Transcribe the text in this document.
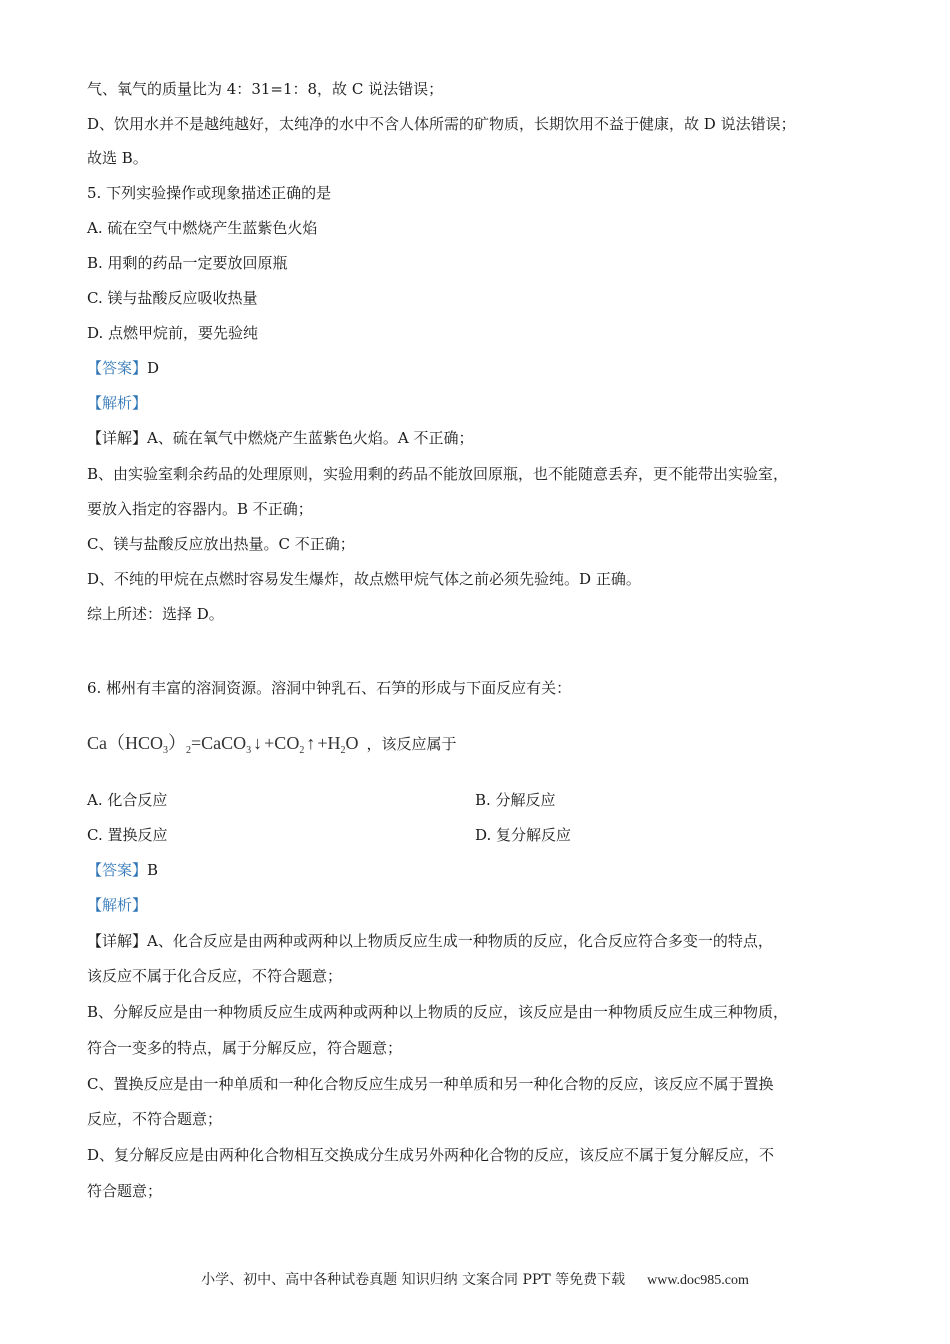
气、氧气的质量比为 4：31=1：8，故 C 说法错误；
D、饮用水并不是越纯越好，太纯净的水中不含人体所需的矿物质，长期饮用不益于健康，故 D 说法错误；
故选 B。
5. 下列实验操作或现象描述正确的是
A. 硫在空气中燃烧产生蓝紫色火焰
B. 用剩的药品一定要放回原瓶
C. 镁与盐酸反应吸收热量
D. 点燃甲烷前，要先验纯
【答案】D
【解析】
【详解】A、硫在氧气中燃烧产生蓝紫色火焰。A 不正确；
B、由实验室剩余药品的处理原则，实验用剩的药品不能放回原瓶，也不能随意丢弃，更不能带出实验室，
要放入指定的容器内。B 不正确；
C、镁与盐酸反应放出热量。C 不正确；
D、不纯的甲烷在点燃时容易发生爆炸，故点燃甲烷气体之前必须先验纯。D 正确。
综上所述：选择 D。
6. 郴州有丰富的溶洞资源。溶洞中钟乳石、石笋的形成与下面反应有关：
$Ca(HCO_3)_2=CaCO_3$ ↓ $+CO_2$ ↑ $+H_2O$ ，该反应属于
A. 化合反应	B. 分解反应
C. 置换反应	D. 复分解反应
【答案】B
【解析】
【详解】A、化合反应是由两种或两种以上物质反应生成一种物质的反应，化合反应符合多变一的特点，
该反应不属于化合反应，不符合题意；
B、分解反应是由一种物质反应生成两种或两种以上物质的反应，该反应是由一种物质反应生成三种物质，
符合一变多的特点，属于分解反应，符合题意；
C、置换反应是由一种单质和一种化合物反应生成另一种单质和另一种化合物的反应，该反应不属于置换
反应，不符合题意；
D、复分解反应是由两种化合物相互交换成分生成另外两种化合物的反应，该反应不属于复分解反应，不
符合题意；
小学、初中、高中各种试卷真题 知识归纳 文案合同 PPT 等免费下载 www.doc985.com
